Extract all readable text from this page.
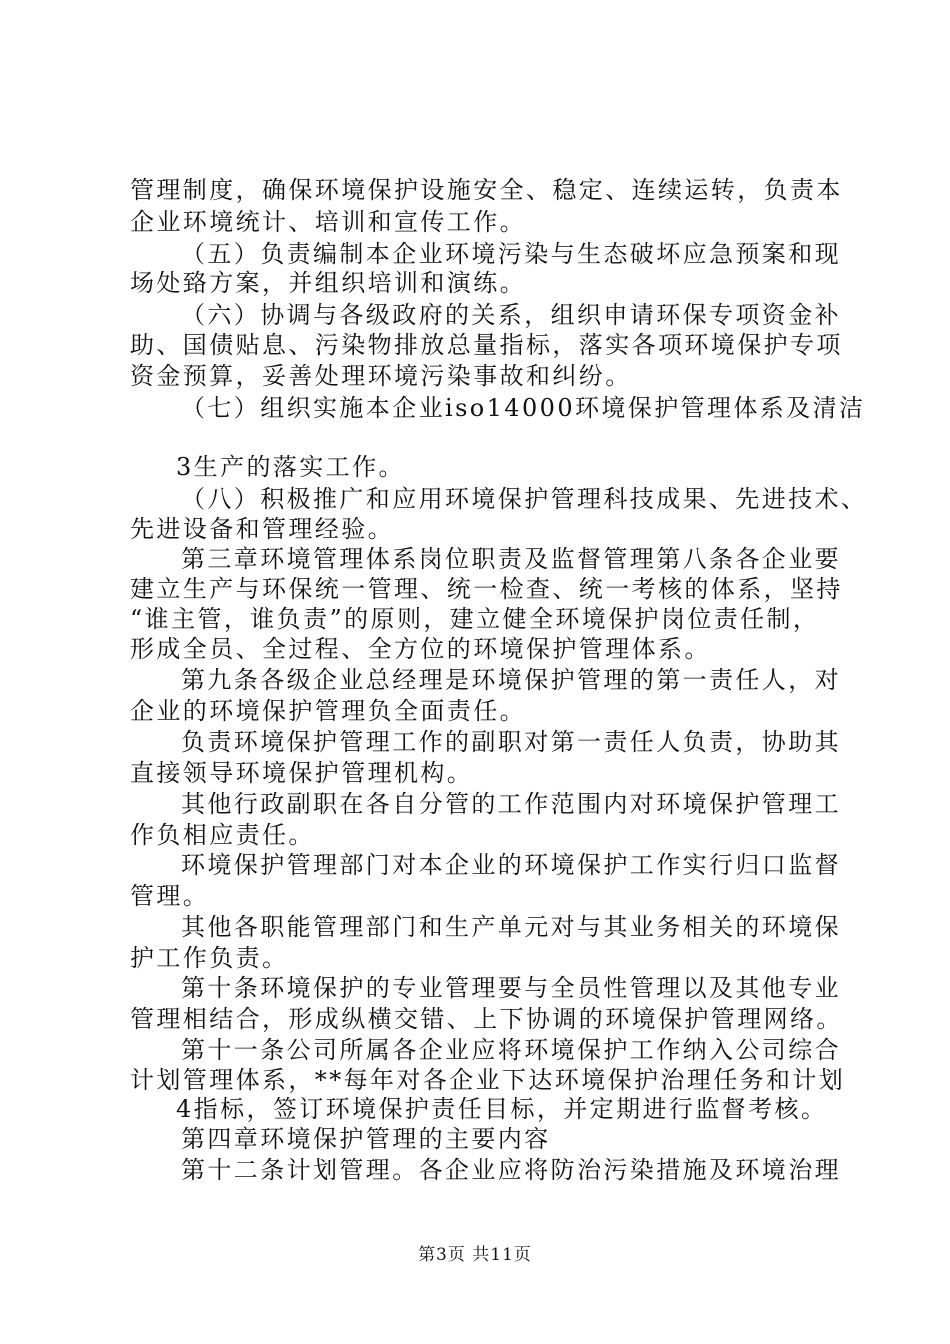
管理制度，确保环境保护设施安全、稳定、连续运转，负责本
企业环境统计、培训和宣传工作。
（五）负责编制本企业环境污染与生态破坏应急预案和现
场处臵方案，并组织培训和演练。
（六）协调与各级政府的关系，组织申请环保专项资金补
助、国债贴息、污染物排放总量指标，落实各项环境保护专项
资金预算，妥善处理环境污染事故和纠纷。
（七）组织实施本企业iso14000环境保护管理体系及清洁
3生产的落实工作。
（八）积极推广和应用环境保护管理科技成果、先进技术、
先进设备和管理经验。
第三章环境管理体系岗位职责及监督管理第八条各企业要
建立生产与环保统一管理、统一检查、统一考核的体系，坚持
“谁主管，谁负责”的原则，建立健全环境保护岗位责任制，
形成全员、全过程、全方位的环境保护管理体系。
第九条各级企业总经理是环境保护管理的第一责任人，对
企业的环境保护管理负全面责任。
负责环境保护管理工作的副职对第一责任人负责，协助其
直接领导环境保护管理机构。
其他行政副职在各自分管的工作范围内对环境保护管理工
作负相应责任。
环境保护管理部门对本企业的环境保护工作实行归口监督
管理。
其他各职能管理部门和生产单元对与其业务相关的环境保
护工作负责。
第十条环境保护的专业管理要与全员性管理以及其他专业
管理相结合，形成纵横交错、上下协调的环境保护管理网络。
第十一条公司所属各企业应将环境保护工作纳入公司综合
计划管理体系，**每年对各企业下达环境保护治理任务和计划
4指标，签订环境保护责任目标，并定期进行监督考核。
第四章环境保护管理的主要内容
第十二条计划管理。各企业应将防治污染措施及环境治理
第3页 共11页
